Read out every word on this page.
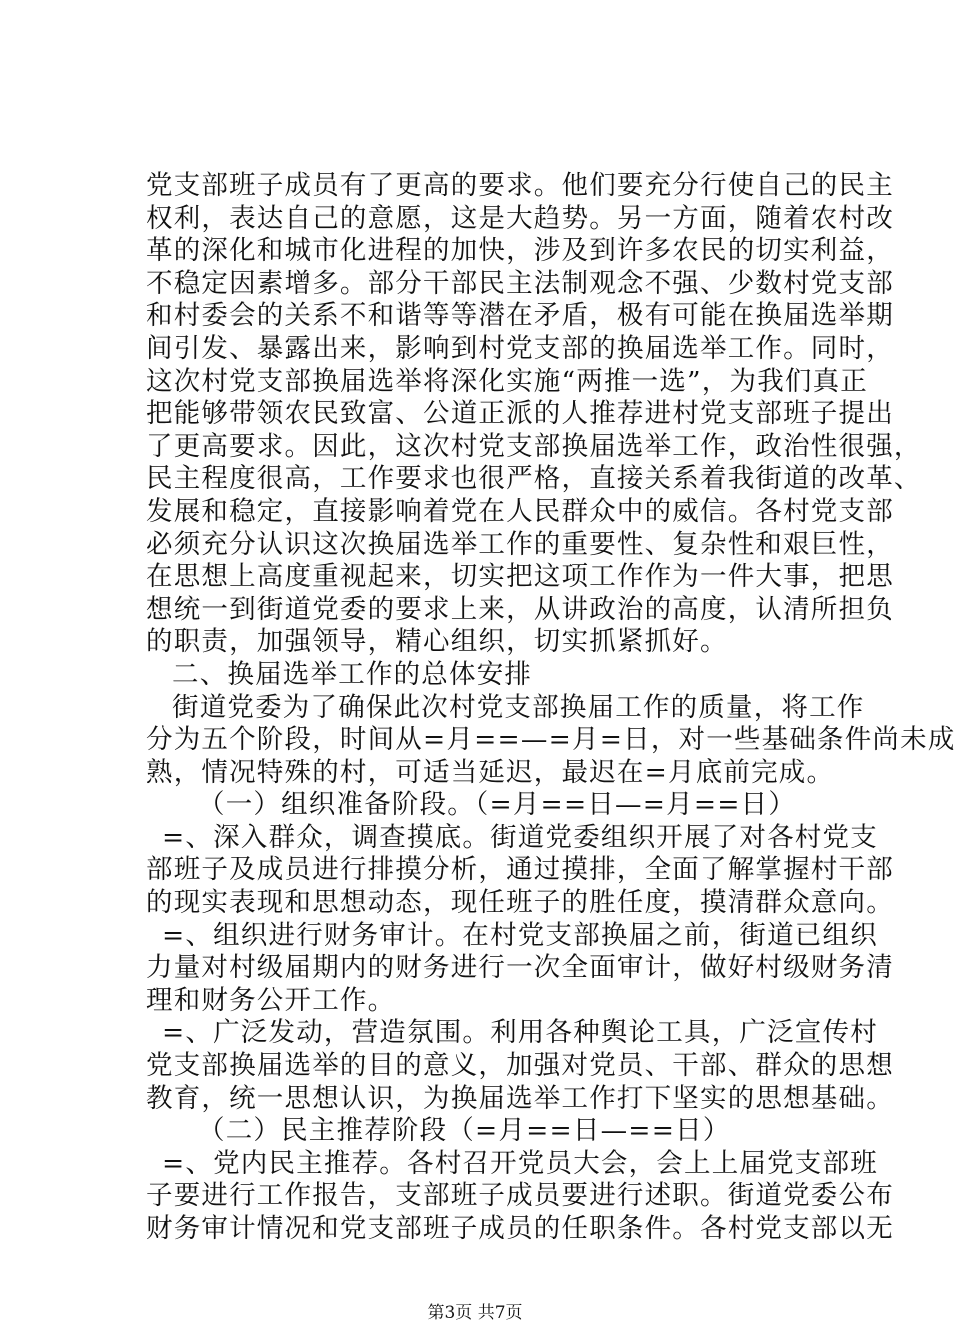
党支部班子成员有了更高的要求。他们要充分行使自己的民主
权利，表达自己的意愿，这是大趋势。另一方面，随着农村改
革的深化和城市化进程的加快，涉及到许多农民的切实利益，
不稳定因素增多。部分干部民主法制观念不强、少数村党支部
和村委会的关系不和谐等等潜在矛盾，极有可能在换届选举期
间引发、暴露出来，影响到村党支部的换届选举工作。同时，
这次村党支部换届选举将深化实施“两推一选”，为我们真正
把能够带领农民致富、公道正派的人推荐进村党支部班子提出
了更高要求。因此，这次村党支部换届选举工作，政治性很强，
民主程度很高，工作要求也很严格，直接关系着我街道的改革、
发展和稳定，直接影响着党在人民群众中的威信。各村党支部
必须充分认识这次换届选举工作的重要性、复杂性和艰巨性，
在思想上高度重视起来，切实把这项工作作为一件大事，把思
想统一到街道党委的要求上来，从讲政治的高度，认清所担负
的职责，加强领导，精心组织，切实抓紧抓好。
二、换届选举工作的总体安排
街道党委为了确保此次村党支部换届工作的质量，将工作
分为五个阶段，时间从=月==—=月=日，对一些基础条件尚未成
熟，情况特殊的村，可适当延迟，最迟在=月底前完成。
（一）组织准备阶段。（=月==日—=月==日）
=、深入群众，调查摸底。街道党委组织开展了对各村党支
部班子及成员进行排摸分析，通过摸排，全面了解掌握村干部
的现实表现和思想动态，现任班子的胜任度，摸清群众意向。
=、组织进行财务审计。在村党支部换届之前，街道已组织
力量对村级届期内的财务进行一次全面审计，做好村级财务清
理和财务公开工作。
=、广泛发动，营造氛围。利用各种舆论工具，广泛宣传村
党支部换届选举的目的意义，加强对党员、干部、群众的思想
教育，统一思想认识，为换届选举工作打下坚实的思想基础。
（二）民主推荐阶段（=月==日—==日）
=、党内民主推荐。各村召开党员大会，会上上届党支部班
子要进行工作报告，支部班子成员要进行述职。街道党委公布
财务审计情况和党支部班子成员的任职条件。各村党支部以无
第3页 共7页
